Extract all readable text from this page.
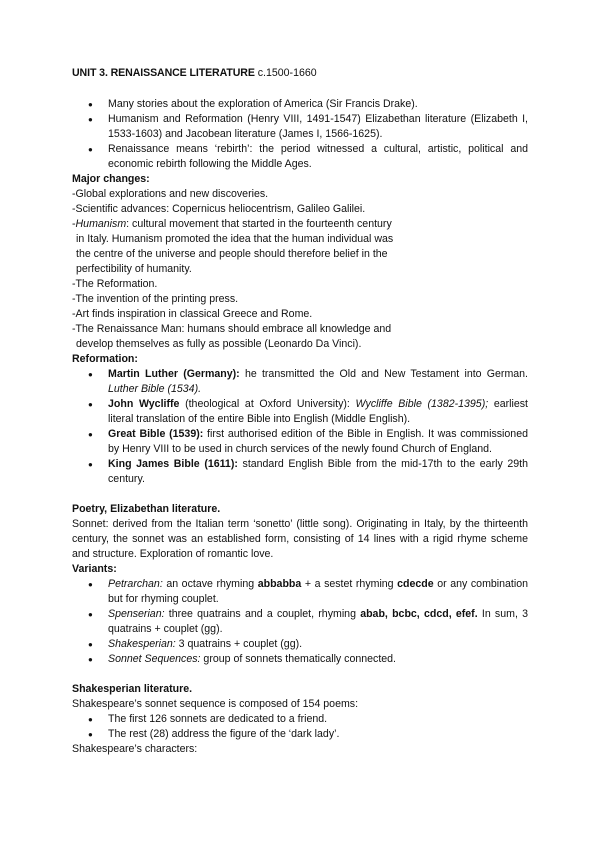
UNIT 3. RENAISSANCE LITERATURE c.1500-1660
● Many stories about the exploration of America (Sir Francis Drake).
● Humanism and Reformation (Henry VIII, 1491-1547) Elizabethan literature (Elizabeth I, 1533-1603) and Jacobean literature (James I, 1566-1625).
● Renaissance means ‘rebirth’: the period witnessed a cultural, artistic, political and economic rebirth following the Middle Ages.
Major changes:
-Global explorations and new discoveries.
-Scientific advances: Copernicus heliocentrism, Galileo Galilei.
-Humanism: cultural movement that started in the fourteenth century
in Italy. Humanism promoted the idea that the human individual was
the centre of the universe and people should therefore belief in the
perfectibility of humanity.
-The Reformation.
-The invention of the printing press.
-Art finds inspiration in classical Greece and Rome.
-The Renaissance Man: humans should embrace all knowledge and
develop themselves as fully as possible (Leonardo Da Vinci).
Reformation:
● Martin Luther (Germany): he transmitted the Old and New Testament into German. Luther Bible (1534).
● John Wycliffe (theological at Oxford University): Wycliffe Bible (1382-1395); earliest literal translation of the entire Bible into English (Middle English).
● Great Bible (1539): first authorised edition of the Bible in English. It was commissioned by Henry VIII to be used in church services of the newly found Church of England.
● King James Bible (1611): standard English Bible from the mid-17th to the early 29th century.
Poetry, Elizabethan literature.
Sonnet: derived from the Italian term ‘sonetto’ (little song). Originating in Italy, by the thirteenth century, the sonnet was an established form, consisting of 14 lines with a rigid rhyme scheme and structure. Exploration of romantic love.
Variants:
● Petrarchan: an octave rhyming abbabba + a sestet rhyming cdecde or any combination but for rhyming couplet.
● Spenserian: three quatrains and a couplet, rhyming abab, bcbc, cdcd, efef. In sum, 3 quatrains + couplet (gg).
● Shakesperian: 3 quatrains + couplet (gg).
● Sonnet Sequences: group of sonnets thematically connected.
Shakesperian literature.
Shakespeare’s sonnet sequence is composed of 154 poems:
● The first 126 sonnets are dedicated to a friend.
● The rest (28) address the figure of the ‘dark lady’.
Shakespeare’s characters:
